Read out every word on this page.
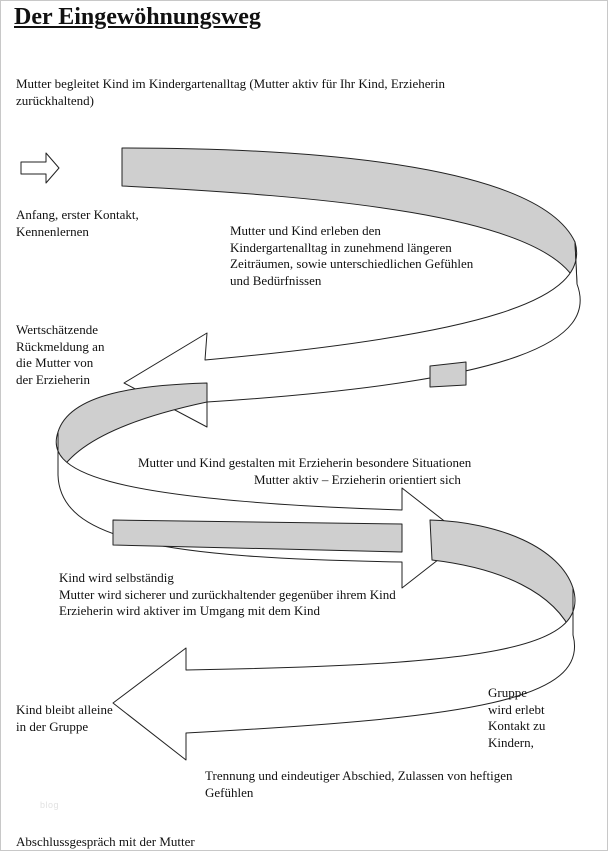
Der Eingewöhnungsweg
Mutter begleitet Kind im Kindergartenalltag (Mutter aktiv für Ihr Kind, Erzieherin
zurückhaltend)
Anfang, erster Kontakt,
Kennenlernen	Mutter und Kind erleben den
Kindergartenalltag in zunehmend längeren
Zeiträumen, sowie unterschiedlichen Gefühlen
und Bedürfnissen
Wertschätzende
Rückmeldung an
die Mutter von
der Erzieherin
Mutter und Kind gestalten mit Erzieherin besondere Situationen
Mutter aktiv – Erzieherin orientiert sich
Kind wird selbständig
Mutter wird sicherer und zurückhaltender gegenüber ihrem Kind
Erzieherin wird aktiver im Umgang mit dem Kind
Kind bleibt alleine
in der Gruppe
Gruppe
wird erlebt
Kontakt zu
Kindern,
Trennung und eindeutiger Abschied, Zulassen von heftigen
Gefühlen
Abschlussgespräch mit der Mutter
blog
